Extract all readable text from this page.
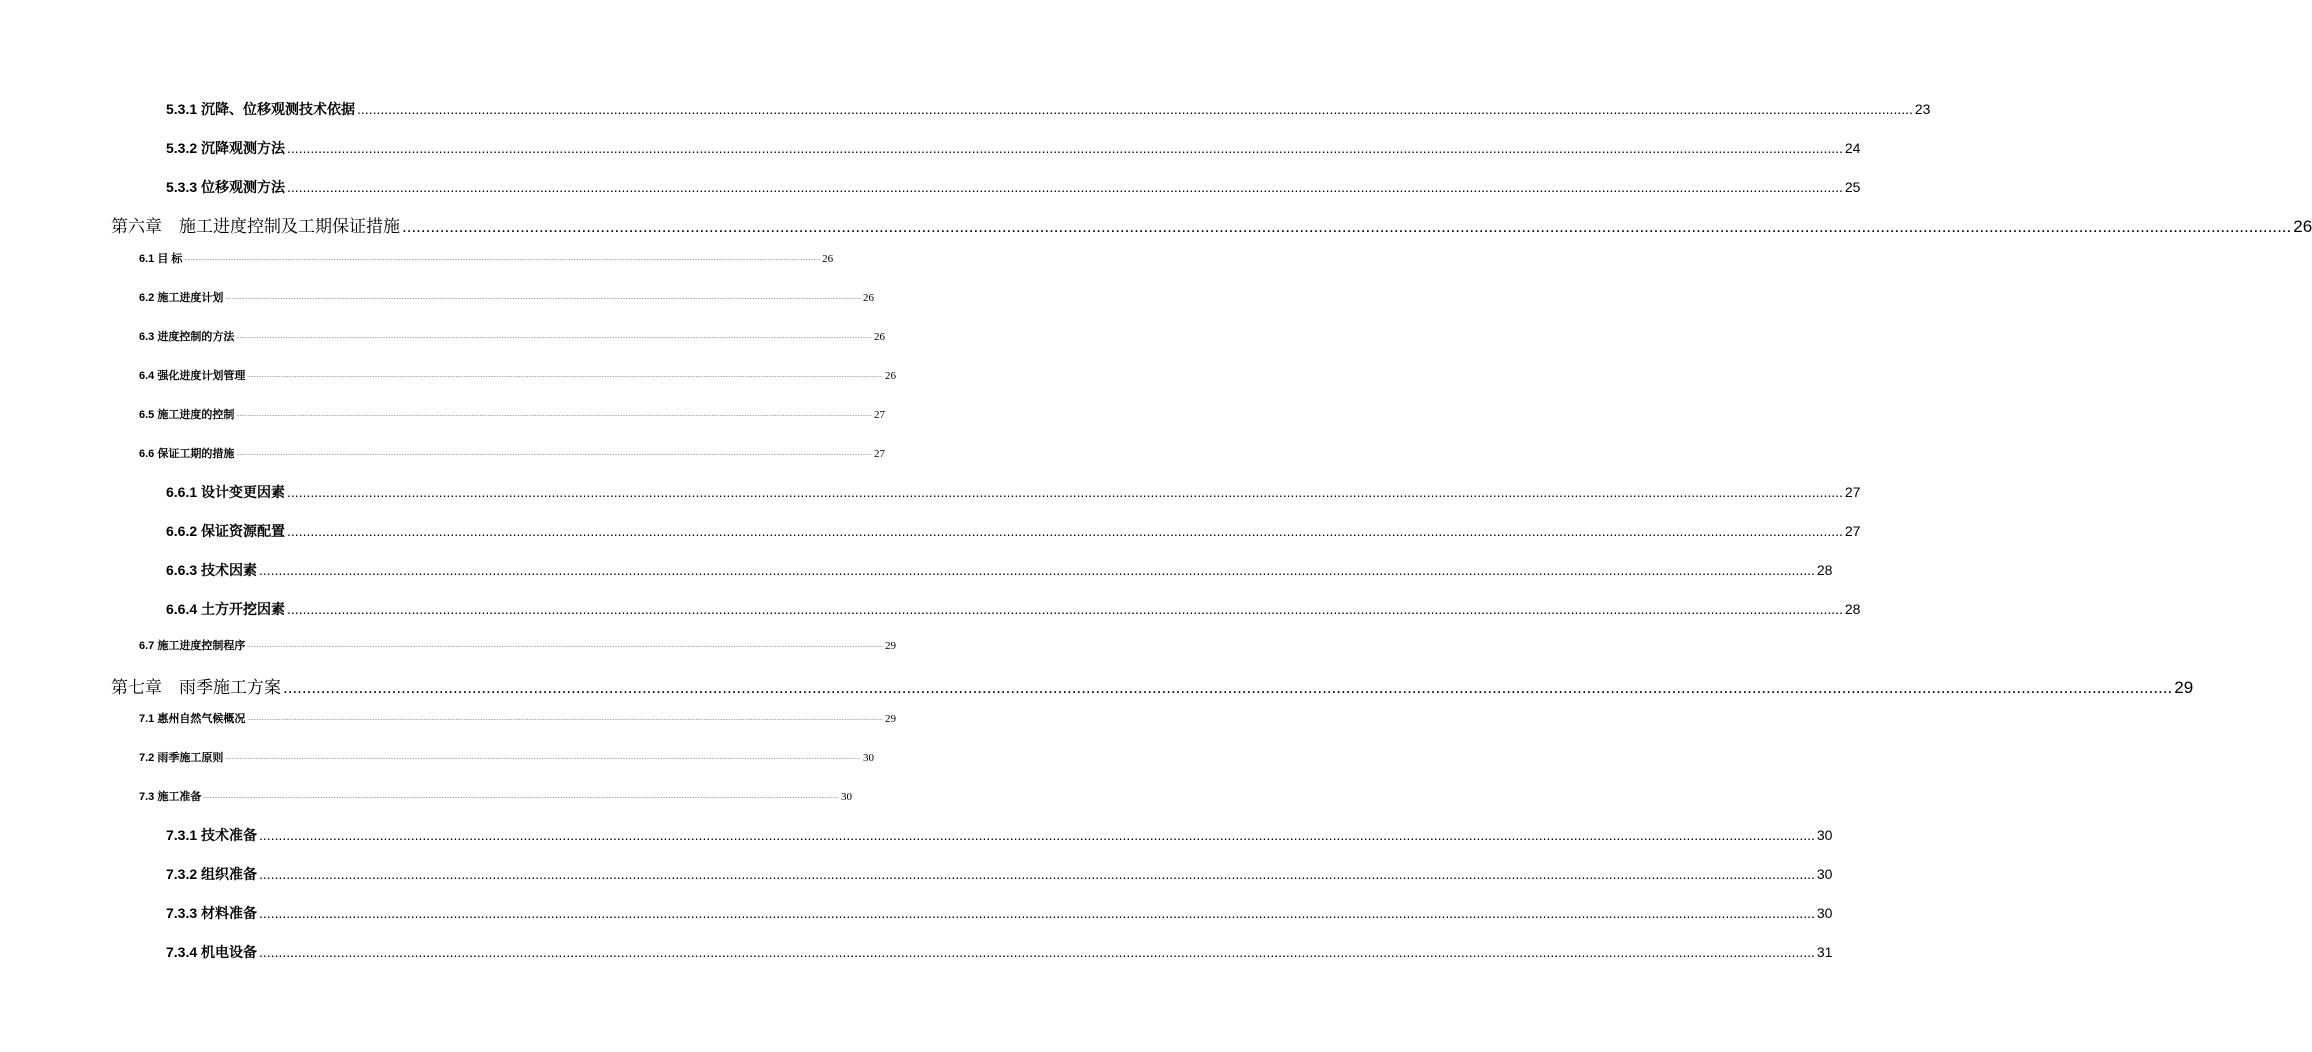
5.3.1 沉降、位移观测技术依据 ................................................................................................................................................................................................................................................................................................................................................................................................................ 23
5.3.2 沉降观测方法 ................................................................................................................................................................................................................................................................................................................................................................................................................ 24
5.3.3 位移观测方法 ................................................................................................................................................................................................................................................................................................................................................................................................................ 25
第六章　施工进度控制及工期保证措施 ................................................................................................................................................................................................................................................................................................................................................................................................................ 26
6.1 目 标 ................................................................................................................................................................................................................................................................................................................................................................................................................ 26
6.2 施工进度计划 ................................................................................................................................................................................................................................................................................................................................................................................................................ 26
6.3 进度控制的方法 ................................................................................................................................................................................................................................................................................................................................................................................................................ 26
6.4 强化进度计划管理 ................................................................................................................................................................................................................................................................................................................................................................................................................ 26
6.5 施工进度的控制 ................................................................................................................................................................................................................................................................................................................................................................................................................ 27
6.6 保证工期的措施 ................................................................................................................................................................................................................................................................................................................................................................................................................ 27
6.6.1 设计变更因素 ................................................................................................................................................................................................................................................................................................................................................................................................................ 27
6.6.2 保证资源配置 ................................................................................................................................................................................................................................................................................................................................................................................................................ 27
6.6.3 技术因素 ................................................................................................................................................................................................................................................................................................................................................................................................................ 28
6.6.4 土方开挖因素 ................................................................................................................................................................................................................................................................................................................................................................................................................ 28
6.7 施工进度控制程序 ................................................................................................................................................................................................................................................................................................................................................................................................................ 29
第七章　雨季施工方案 ................................................................................................................................................................................................................................................................................................................................................................................................................ 29
7.1 惠州自然气候概况 ................................................................................................................................................................................................................................................................................................................................................................................................................ 29
7.2 雨季施工原则 ................................................................................................................................................................................................................................................................................................................................................................................................................ 30
7.3 施工准备 ................................................................................................................................................................................................................................................................................................................................................................................................................ 30
7.3.1 技术准备 ................................................................................................................................................................................................................................................................................................................................................................................................................ 30
7.3.2 组织准备 ................................................................................................................................................................................................................................................................................................................................................................................................................ 30
7.3.3 材料准备 ................................................................................................................................................................................................................................................................................................................................................................................................................ 30
7.3.4 机电设备 ................................................................................................................................................................................................................................................................................................................................................................................................................ 31
